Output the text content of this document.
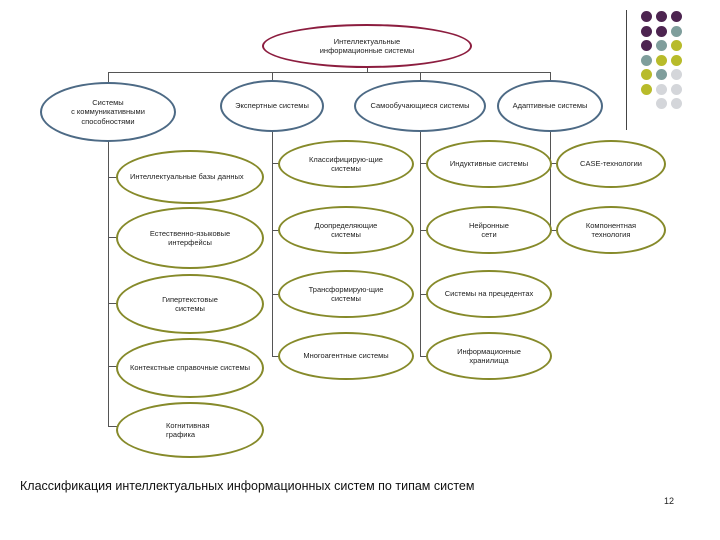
Интеллектуальные
информационные системы
Системы
с коммуникативными
способностями
Экспертные системы	Самообучающиеся системы	Адаптивные системы
Интеллектуальные базы данных
Естественно-языковые
интерфейсы
Гипертекстовые
системы
Контекстные справочные системы
Когнитивная
графика
Классифицирую-щие
системы
Доопределяющие
системы
Трансформирую-щие
системы
Многоагентные системы
Индуктивные системы
Нейронные
сети
Системы на прецедентах
Информационные
хранилища
CASE-технологии
Компонентная
технология
Классификация интеллектуальных информационных систем по типам систем
12
